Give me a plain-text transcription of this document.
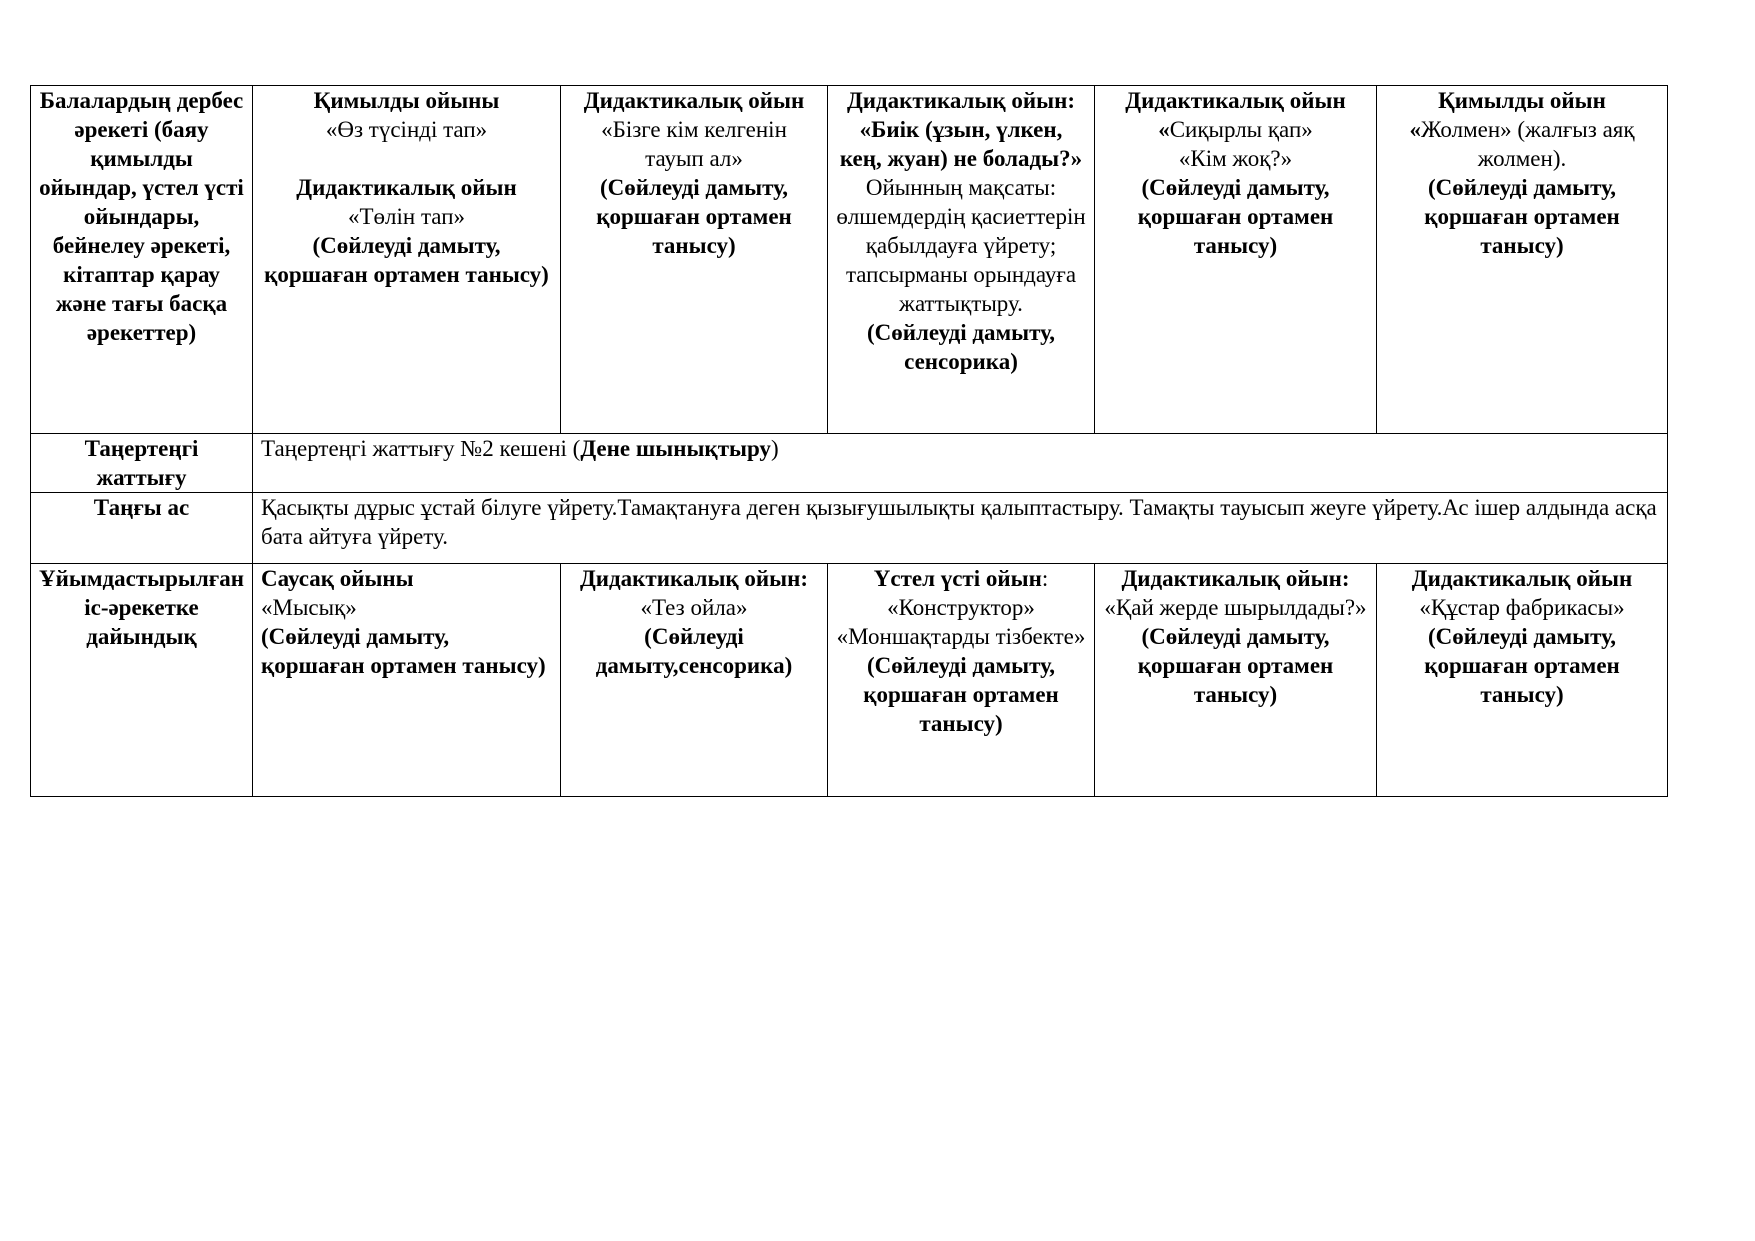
Балалардың дербес әрекеті (баяу қимылды ойындар, үстел үсті ойындары, бейнелеу әрекеті, кітаптар қарау және тағы басқа әрекеттер)	Қимылды ойыны
«Өз түсіндi тап»
Дидактикалық ойын
«Төлін тап»
(Сөйлеуді дамыту, қоршаған ортамен танысу)	Дидактикалық ойын
«Бізге кім келгенін тауып ал»
(Сөйлеуді дамыту, қоршаған ортамен танысу)	Дидактикалық ойын: «Биік (ұзын, үлкен, кең, жуан) не болады?» Ойынның мақсаты: өлшемдердің қасиеттерін қабылдауға үйрету; тапсырманы орындауға жаттықтыру.
(Сөйлеуді дамыту, сенсорика)	Дидактикалық ойын «Сиқырлы қап»
«Кім жоқ?»
(Сөйлеуді дамыту, қоршаған ортамен танысу)	Қимылды ойын «Жолмен» (жалғыз аяқ жолмен).
(Сөйлеуді дамыту, қоршаған ортамен танысу)

Таңертеңгі жаттығу	Таңертеңгі жаттығу №2 кешені (Дене шынықтыру)				
Таңғы ас	Қасықты дұрыс ұстай білуге үйрету.Тамақтануға деген қызығушылықты қалыптастыру. Тамақты тауысып жеуге үйрету.Ас ішер алдында асқа бата айтуға үйрету.				
Ұйымдастырылған іс-әрекетке дайындық	Саусақ ойыны
«Мысық»
(Сөйлеуді дамыту, қоршаған ортамен танысу)	Дидактикалық ойын: «Тез ойла»
(Сөйлеуді дамыту,сенсорика)	Үстел үсті ойын:
«Конструктор»
«Моншақтарды тізбекте»
(Сөйлеуді дамыту, қоршаған ортамен танысу)	Дидактикалық ойын: «Қай жерде шырылдады?»
(Сөйлеуді дамыту, қоршаған ортамен танысу)	Дидактикалық ойын «Құстар фабрикасы»
(Сөйлеуді дамыту, қоршаған ортамен танысу)
